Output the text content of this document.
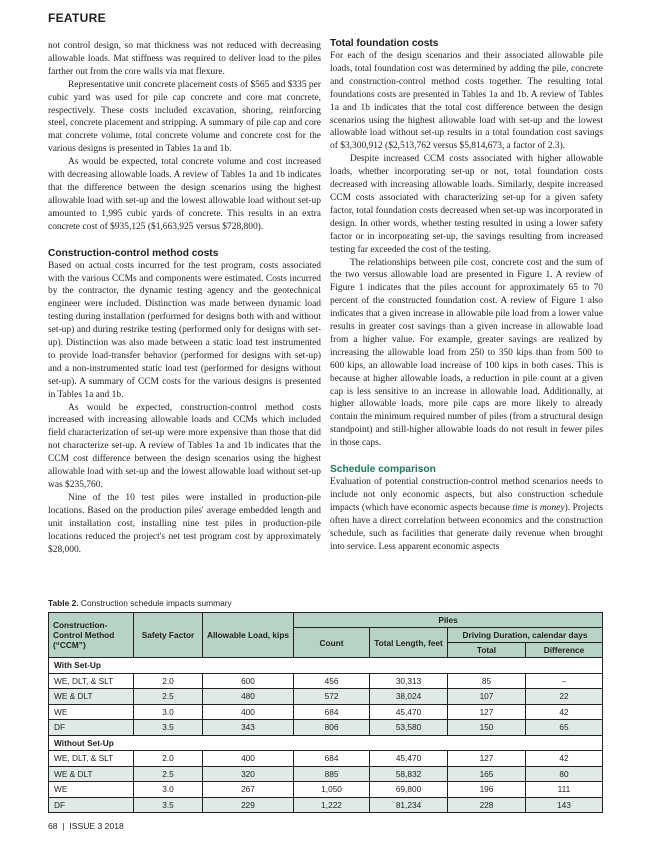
FEATURE

not control design, so mat thickness was not reduced with decreasing allowable loads. Mat stiffness was required to deliver load to the piles farther out from the core walls via mat flexure.

Representative unit concrete placement costs of $565 and $335 per cubic yard was used for pile cap concrete and core mat concrete, respectively. These costs included excavation, shoring, reinforcing steel, concrete placement and stripping. A summary of pile cap and core mat concrete volume, total concrete volume and concrete cost for the various designs is presented in Tables 1a and 1b.

As would be expected, total concrete volume and cost increased with decreasing allowable loads. A review of Tables 1a and 1b indicates that the difference between the design scenarios using the highest allowable load with set-up and the lowest allowable load without set-up amounted to 1,995 cubic yards of concrete. This results in an extra concrete cost of $935,125 ($1,663,925 versus $728,800).

Construction-control method costs

Based on actual costs incurred for the test program, costs associated with the various CCMs and components were estimated. Costs incurred by the contractor, the dynamic testing agency and the geotechnical engineer were included. Distinction was made between dynamic load testing during installation (performed for designs both with and without set-up) and during restrike testing (performed only for designs with set-up). Distinction was also made between a static load test instrumented to provide load-transfer behavior (performed for designs with set-up) and a non-instrumented static load test (performed for designs without set-up). A summary of CCM costs for the various designs is presented in Tables 1a and 1b.

As would be expected, construction-control method costs increased with increasing allowable loads and CCMs which included field characterization of set-up were more expensive than those that did not characterize set-up. A review of Tables 1a and 1b indicates that the CCM cost difference between the design scenarios using the highest allowable load with set-up and the lowest allowable load without set-up was $235,760.

Nine of the 10 test piles were installed in production-pile locations. Based on the production piles' average embedded length and unit installation cost, installing nine test piles in production-pile locations reduced the project's net test program cost by approximately $28,000.

Total foundation costs

For each of the design scenarios and their associated allowable pile loads, total foundation cost was determined by adding the pile, concrete and construction-control method costs together. The resulting total foundations costs are presented in Tables 1a and 1b. A review of Tables 1a and 1b indicates that the total cost difference between the design scenarios using the highest allowable load with set-up and the lowest allowable load without set-up results in a total foundation cost savings of $3,300,912 ($2,513,762 versus $5,814,673, a factor of 2.3).

Despite increased CCM costs associated with higher allowable loads, whether incorporating set-up or not, total foundation costs decreased with increasing allowable loads. Similarly, despite increased CCM costs associated with characterizing set-up for a given safety factor, total foundation costs decreased when set-up was incorporated in design. In other words, whether testing resulted in using a lower safety factor or in incorporating set-up, the savings resulting from increased testing far exceeded the cost of the testing.

The relationships between pile cost, concrete cost and the sum of the two versus allowable load are presented in Figure 1. A review of Figure 1 indicates that the piles account for approximately 65 to 70 percent of the constructed foundation cost. A review of Figure 1 also indicates that a given increase in allowable pile load from a lower value results in greater cost savings than a given increase in allowable load from a higher value. For example, greater savings are realized by increasing the allowable load from 250 to 350 kips than from 500 to 600 kips, an allowable load increase of 100 kips in both cases. This is because at higher allowable loads, a reduction in pile count at a given cap is less sensitive to an increase in allowable load. Additionally, at higher allowable loads, more pile caps are more likely to already contain the minimum required number of piles (from a structural design standpoint) and still-higher allowable loads do not result in fewer piles in those caps.

Schedule comparison

Evaluation of potential construction-control method scenarios needs to include not only economic aspects, but also construction schedule impacts (which have economic aspects because time is money). Projects often have a direct correlation between economics and the construction schedule, such as facilities that generate daily revenue when brought into service. Less apparent economic aspects

Table 2. Construction schedule impacts summary
Construction-Control Method (“CCM”)	Safety Factor	Allowable Load, kips	Piles			
			Count	Total Length, feet	Driving Duration, calendar days	
					Total	Difference
With Set-Up						
WE, DLT, & SLT	2.0	600	456	30,313	85	–
WE & DLT	2.5	480	572	38,024	107	22
WE	3.0	400	684	45,470	127	42
DF	3.5	343	806	53,580	150	65
Without Set-Up						
WE, DLT, & SLT	2.0	400	684	45,470	127	42
WE & DLT	2.5	320	885	58,832	165	80
WE	3.0	267	1,050	69,800	196	111
DF	3.5	229	1,222	81,234	228	143
68  |  ISSUE 3 2018
